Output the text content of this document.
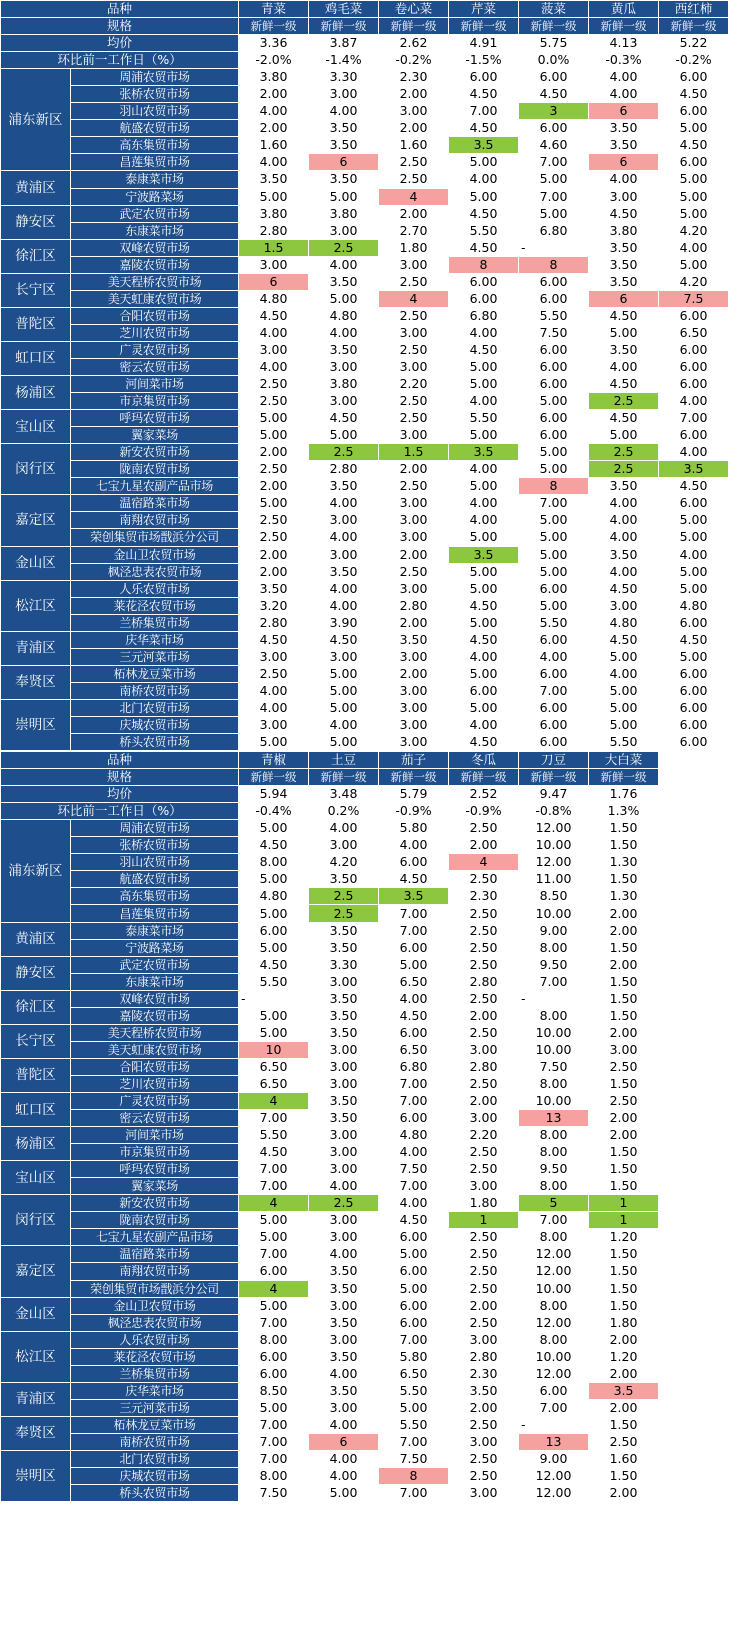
品种		青菜	鸡毛菜	卷心菜	芹菜	菠菜	黄瓜	西红柿
规格		新鲜一级	新鲜一级	新鲜一级	新鲜一级	新鲜一级	新鲜一级	新鲜一级
均价		3.36	3.87	2.62	4.91	5.75	4.13	5.22
环比前一工作日（%）		-2.0%	-1.4%	-0.2%	-1.5%	0.0%	-0.3%	-0.2%
浦东新区	周浦农贸市场	3.80	3.30	2.30	6.00	6.00	4.00	6.00
	张桥农贸市场	2.00	3.00	2.00	4.50	4.50	4.00	4.50
	羽山农贸市场	4.00	4.00	3.00	7.00	3	6	6.00
	航盛农贸市场	2.00	3.50	2.00	4.50	6.00	3.50	5.00
	高东集贸市场	1.60	3.50	1.60	3.5	4.60	3.50	4.50
	昌莲集贸市场	4.00	6	2.50	5.00	7.00	6	6.00
黄浦区	泰康菜市场	3.50	3.50	2.50	4.00	5.00	4.00	5.00
	宁波路菜场	5.00	5.00	4	5.00	7.00	3.00	5.00
静安区	武定农贸市场	3.80	3.80	2.00	4.50	5.00	4.50	5.00
	东康菜市场	2.80	3.00	2.70	5.50	6.80	3.80	4.20
徐汇区	双峰农贸市场	1.5	2.5	1.80	4.50	-	3.50	4.00
	嘉陵农贸市场	3.00	4.00	3.00	8	8	3.50	5.00
长宁区	美天程桥农贸市场	6	3.50	2.50	6.00	6.00	3.50	4.20
	美天虹康农贸市场	4.80	5.00	4	6.00	6.00	6	7.5
普陀区	合阳农贸市场	4.50	4.80	2.50	6.80	5.50	4.50	6.00
	芝川农贸市场	4.00	4.00	3.00	4.00	7.50	5.00	6.50
虹口区	广灵农贸市场	3.00	3.50	2.50	4.50	6.00	3.50	6.00
	密云农贸市场	4.00	3.00	3.00	5.00	6.00	4.00	6.00
杨浦区	河间菜市场	2.50	3.80	2.20	5.00	6.00	4.50	6.00
	市京集贸市场	2.50	3.00	2.50	4.00	5.00	2.5	4.00
宝山区	呼玛农贸市场	5.00	4.50	2.50	5.50	6.00	4.50	7.00
	翼家菜场	5.00	5.00	3.00	5.00	6.00	5.00	6.00
闵行区	新安农贸市场	2.00	2.5	1.5	3.5	5.00	2.5	4.00
	陇南农贸市场	2.50	2.80	2.00	4.00	5.00	2.5	3.5
	七宝九星农副产品市场	2.00	3.50	2.50	5.00	8	3.50	4.50
嘉定区	温宿路菜市场	5.00	4.00	3.00	4.00	7.00	4.00	6.00
	南翔农贸市场	2.50	3.00	3.00	4.00	5.00	4.00	5.00
	荣创集贸市场戬浜分公司	2.50	4.00	3.00	5.00	5.00	4.00	5.00
金山区	金山卫农贸市场	2.00	3.00	2.00	3.5	5.00	3.50	4.00
	枫泾忠表农贸市场	2.00	3.50	2.50	5.00	5.00	4.00	5.00
松江区	人乐农贸市场	3.50	4.00	3.00	5.00	6.00	4.50	5.00
	莱花泾农贸市场	3.20	4.00	2.80	4.50	5.00	3.00	4.80
	兰桥集贸市场	2.80	3.90	2.00	5.00	5.50	4.80	6.00
青浦区	庆华菜市场	4.50	4.50	3.50	4.50	6.00	4.50	4.50
	三元河菜市场	3.00	3.00	3.00	4.00	4.00	5.00	5.00
奉贤区	柘林龙豆菜市场	2.50	5.00	2.00	5.00	6.00	4.00	6.00
	南桥农贸市场	4.00	5.00	3.00	6.00	7.00	5.00	6.00
崇明区	北门农贸市场	4.00	5.00	3.00	5.00	6.00	5.00	6.00
	庆城农贸市场	3.00	4.00	3.00	4.00	6.00	5.00	6.00
	桥头农贸市场	5.00	5.00	3.00	4.50	6.00	5.50	6.00
品种		青椒	土豆	茄子	冬瓜	刀豆	大白菜
规格		新鲜一级	新鲜一级	新鲜一级	新鲜一级	新鲜一级	新鲜一级
均价		5.94	3.48	5.79	2.52	9.47	1.76
环比前一工作日（%）		-0.4%	0.2%	-0.9%	-0.9%	-0.8%	1.3%
浦东新区	周浦农贸市场	5.00	4.00	5.80	2.50	12.00	1.50
	张桥农贸市场	4.50	3.00	4.00	2.00	10.00	1.50
	羽山农贸市场	8.00	4.20	6.00	4	12.00	1.30
	航盛农贸市场	5.00	3.50	4.50	2.50	11.00	1.50
	高东集贸市场	4.80	2.5	3.5	2.30	8.50	1.30
	昌莲集贸市场	5.00	2.5	7.00	2.50	10.00	2.00
黄浦区	泰康菜市场	6.00	3.50	7.00	2.50	9.00	2.00
	宁波路菜场	5.00	3.50	6.00	2.50	8.00	1.50
静安区	武定农贸市场	4.50	3.30	5.00	2.50	9.50	2.00
	东康菜市场	5.50	3.00	6.50	2.80	7.00	1.50
徐汇区	双峰农贸市场	-	3.50	4.00	2.50	-	1.50
	嘉陵农贸市场	5.00	3.50	4.50	2.00	8.00	1.50
长宁区	美天程桥农贸市场	5.00	3.50	6.00	2.50	10.00	2.00
	美天虹康农贸市场	10	3.00	6.50	3.00	10.00	3.00
普陀区	合阳农贸市场	6.50	3.00	6.80	2.80	7.50	2.50
	芝川农贸市场	6.50	3.00	7.00	2.50	8.00	1.50
虹口区	广灵农贸市场	4	3.50	7.00	2.00	10.00	2.50
	密云农贸市场	7.00	3.50	6.00	3.00	13	2.00
杨浦区	河间菜市场	5.50	3.00	4.80	2.20	8.00	2.00
	市京集贸市场	4.50	3.00	4.00	2.50	8.00	1.50
宝山区	呼玛农贸市场	7.00	3.00	7.50	2.50	9.50	1.50
	翼家菜场	7.00	4.00	7.00	3.00	8.00	1.50
闵行区	新安农贸市场	4	2.5	4.00	1.80	5	1
	陇南农贸市场	5.00	3.00	4.50	1	7.00	1
	七宝九星农副产品市场	5.00	3.00	6.00	2.50	8.00	1.20
嘉定区	温宿路菜市场	7.00	4.00	5.00	2.50	12.00	1.50
	南翔农贸市场	6.00	3.50	6.00	2.50	12.00	1.50
	荣创集贸市场戬浜分公司	4	3.50	5.00	2.50	10.00	1.50
金山区	金山卫农贸市场	5.00	3.00	6.00	2.00	8.00	1.50
	枫泾忠表农贸市场	7.00	3.50	6.00	2.50	12.00	1.80
松江区	人乐农贸市场	8.00	3.00	7.00	3.00	8.00	2.00
	莱花泾农贸市场	6.00	3.50	5.80	2.80	10.00	1.20
	兰桥集贸市场	6.00	4.00	6.50	2.30	12.00	2.00
青浦区	庆华菜市场	8.50	3.50	5.50	3.50	6.00	3.5
	三元河菜市场	5.00	3.00	5.00	2.00	7.00	2.00
奉贤区	柘林龙豆菜市场	7.00	4.00	5.50	2.50	-	1.50
	南桥农贸市场	7.00	6	7.00	3.00	13	2.50
崇明区	北门农贸市场	7.00	4.00	7.50	2.50	9.00	1.60
	庆城农贸市场	8.00	4.00	8	2.50	12.00	1.50
	桥头农贸市场	7.50	5.00	7.00	3.00	12.00	2.00
